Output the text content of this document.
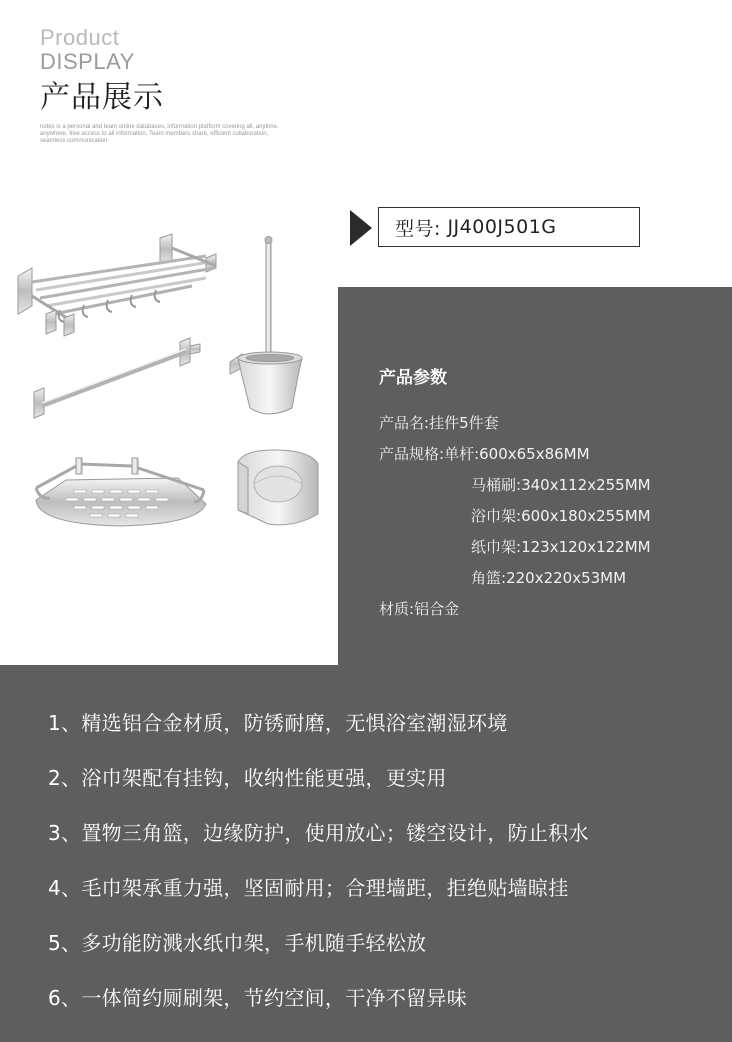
Product
DISPLAY
产品展示
notes is a personal and team online databases, information platform covering all, anytime, anywhere, free access to all information, Team members share, efficient collaboration, seamless communication
型号:
JJ400J501G
产品参数
产品名:挂件5件套
产品规格:单杆:600x65x86MM
马桶刷:340x112x255MM
浴巾架:600x180x255MM
纸巾架:123x120x122MM
角篮:220x220x53MM
材质:铝合金
1、精选铝合金材质，防锈耐磨，无惧浴室潮湿环境
2、浴巾架配有挂钩，收纳性能更强，更实用
3、置物三角篮，边缘防护，使用放心；镂空设计，防止积水
4、毛巾架承重力强，坚固耐用；合理墙距，拒绝贴墙晾挂
5、多功能防溅水纸巾架，手机随手轻松放
6、一体简约厕刷架，节约空间，干净不留异味
